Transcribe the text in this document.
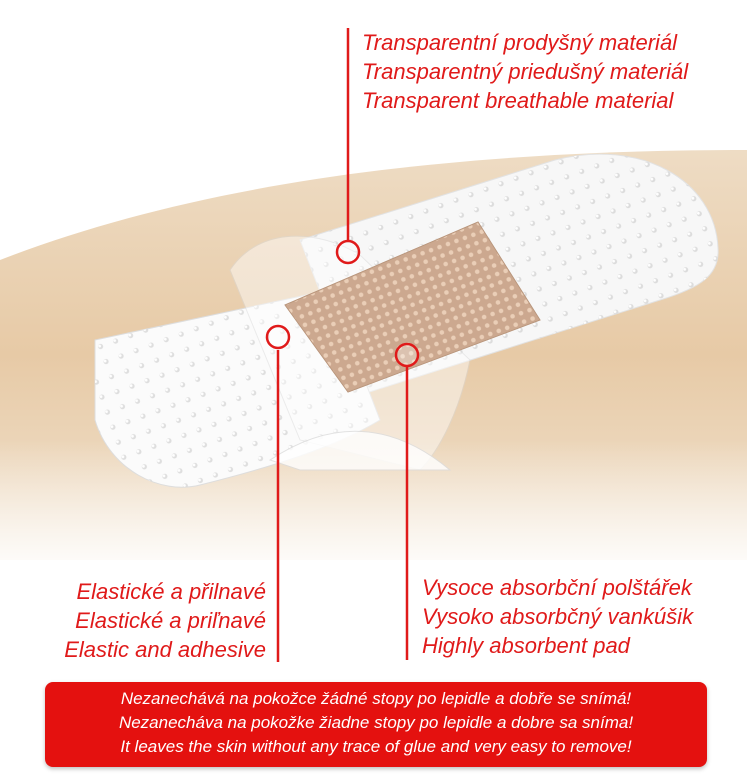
Transparentní prodyšný materiál
Transparentný priedušný materiál
Transparent breathable material
Elastické a přilnavé
Elastické a priľnavé
Elastic and adhesive
Vysoce absorbční polštářek
Vysoko absorbčný vankúšik
Highly absorbent pad
Nezanechává na pokožce žádné stopy po lepidle a dobře se snímá!
Nezanecháva na pokožke žiadne stopy po lepidle a dobre sa sníma!
It leaves the skin without any trace of glue and very easy to remove!
